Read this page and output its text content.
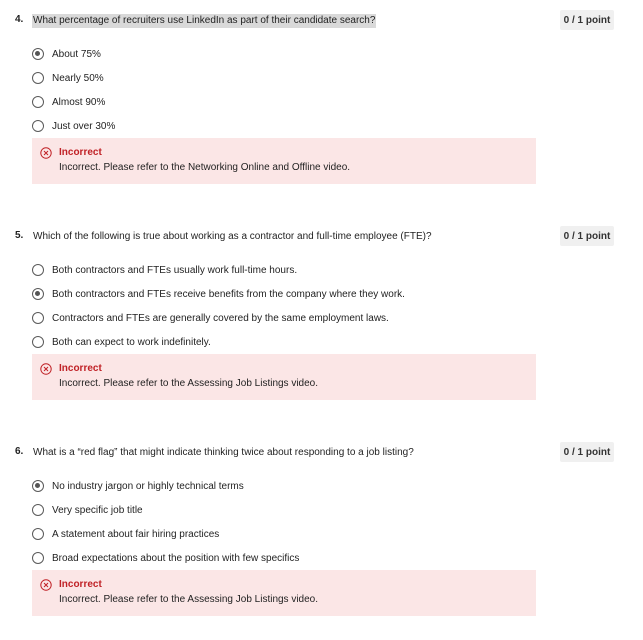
4. What percentage of recruiters use LinkedIn as part of their candidate search?	0 / 1 point
About 75%
Nearly 50%
Almost 90%
Just over 30%
Incorrect
Incorrect. Please refer to the Networking Online and Offline video.
5. Which of the following is true about working as a contractor and full-time employee (FTE)?	0 / 1 point
Both contractors and FTEs usually work full-time hours.
Both contractors and FTEs receive benefits from the company where they work.
Contractors and FTEs are generally covered by the same employment laws.
Both can expect to work indefinitely.
Incorrect
Incorrect. Please refer to the Assessing Job Listings video.
6. What is a “red flag” that might indicate thinking twice about responding to a job listing?	0 / 1 point
No industry jargon or highly technical terms
Very specific job title
A statement about fair hiring practices
Broad expectations about the position with few specifics
Incorrect
Incorrect. Please refer to the Assessing Job Listings video.
